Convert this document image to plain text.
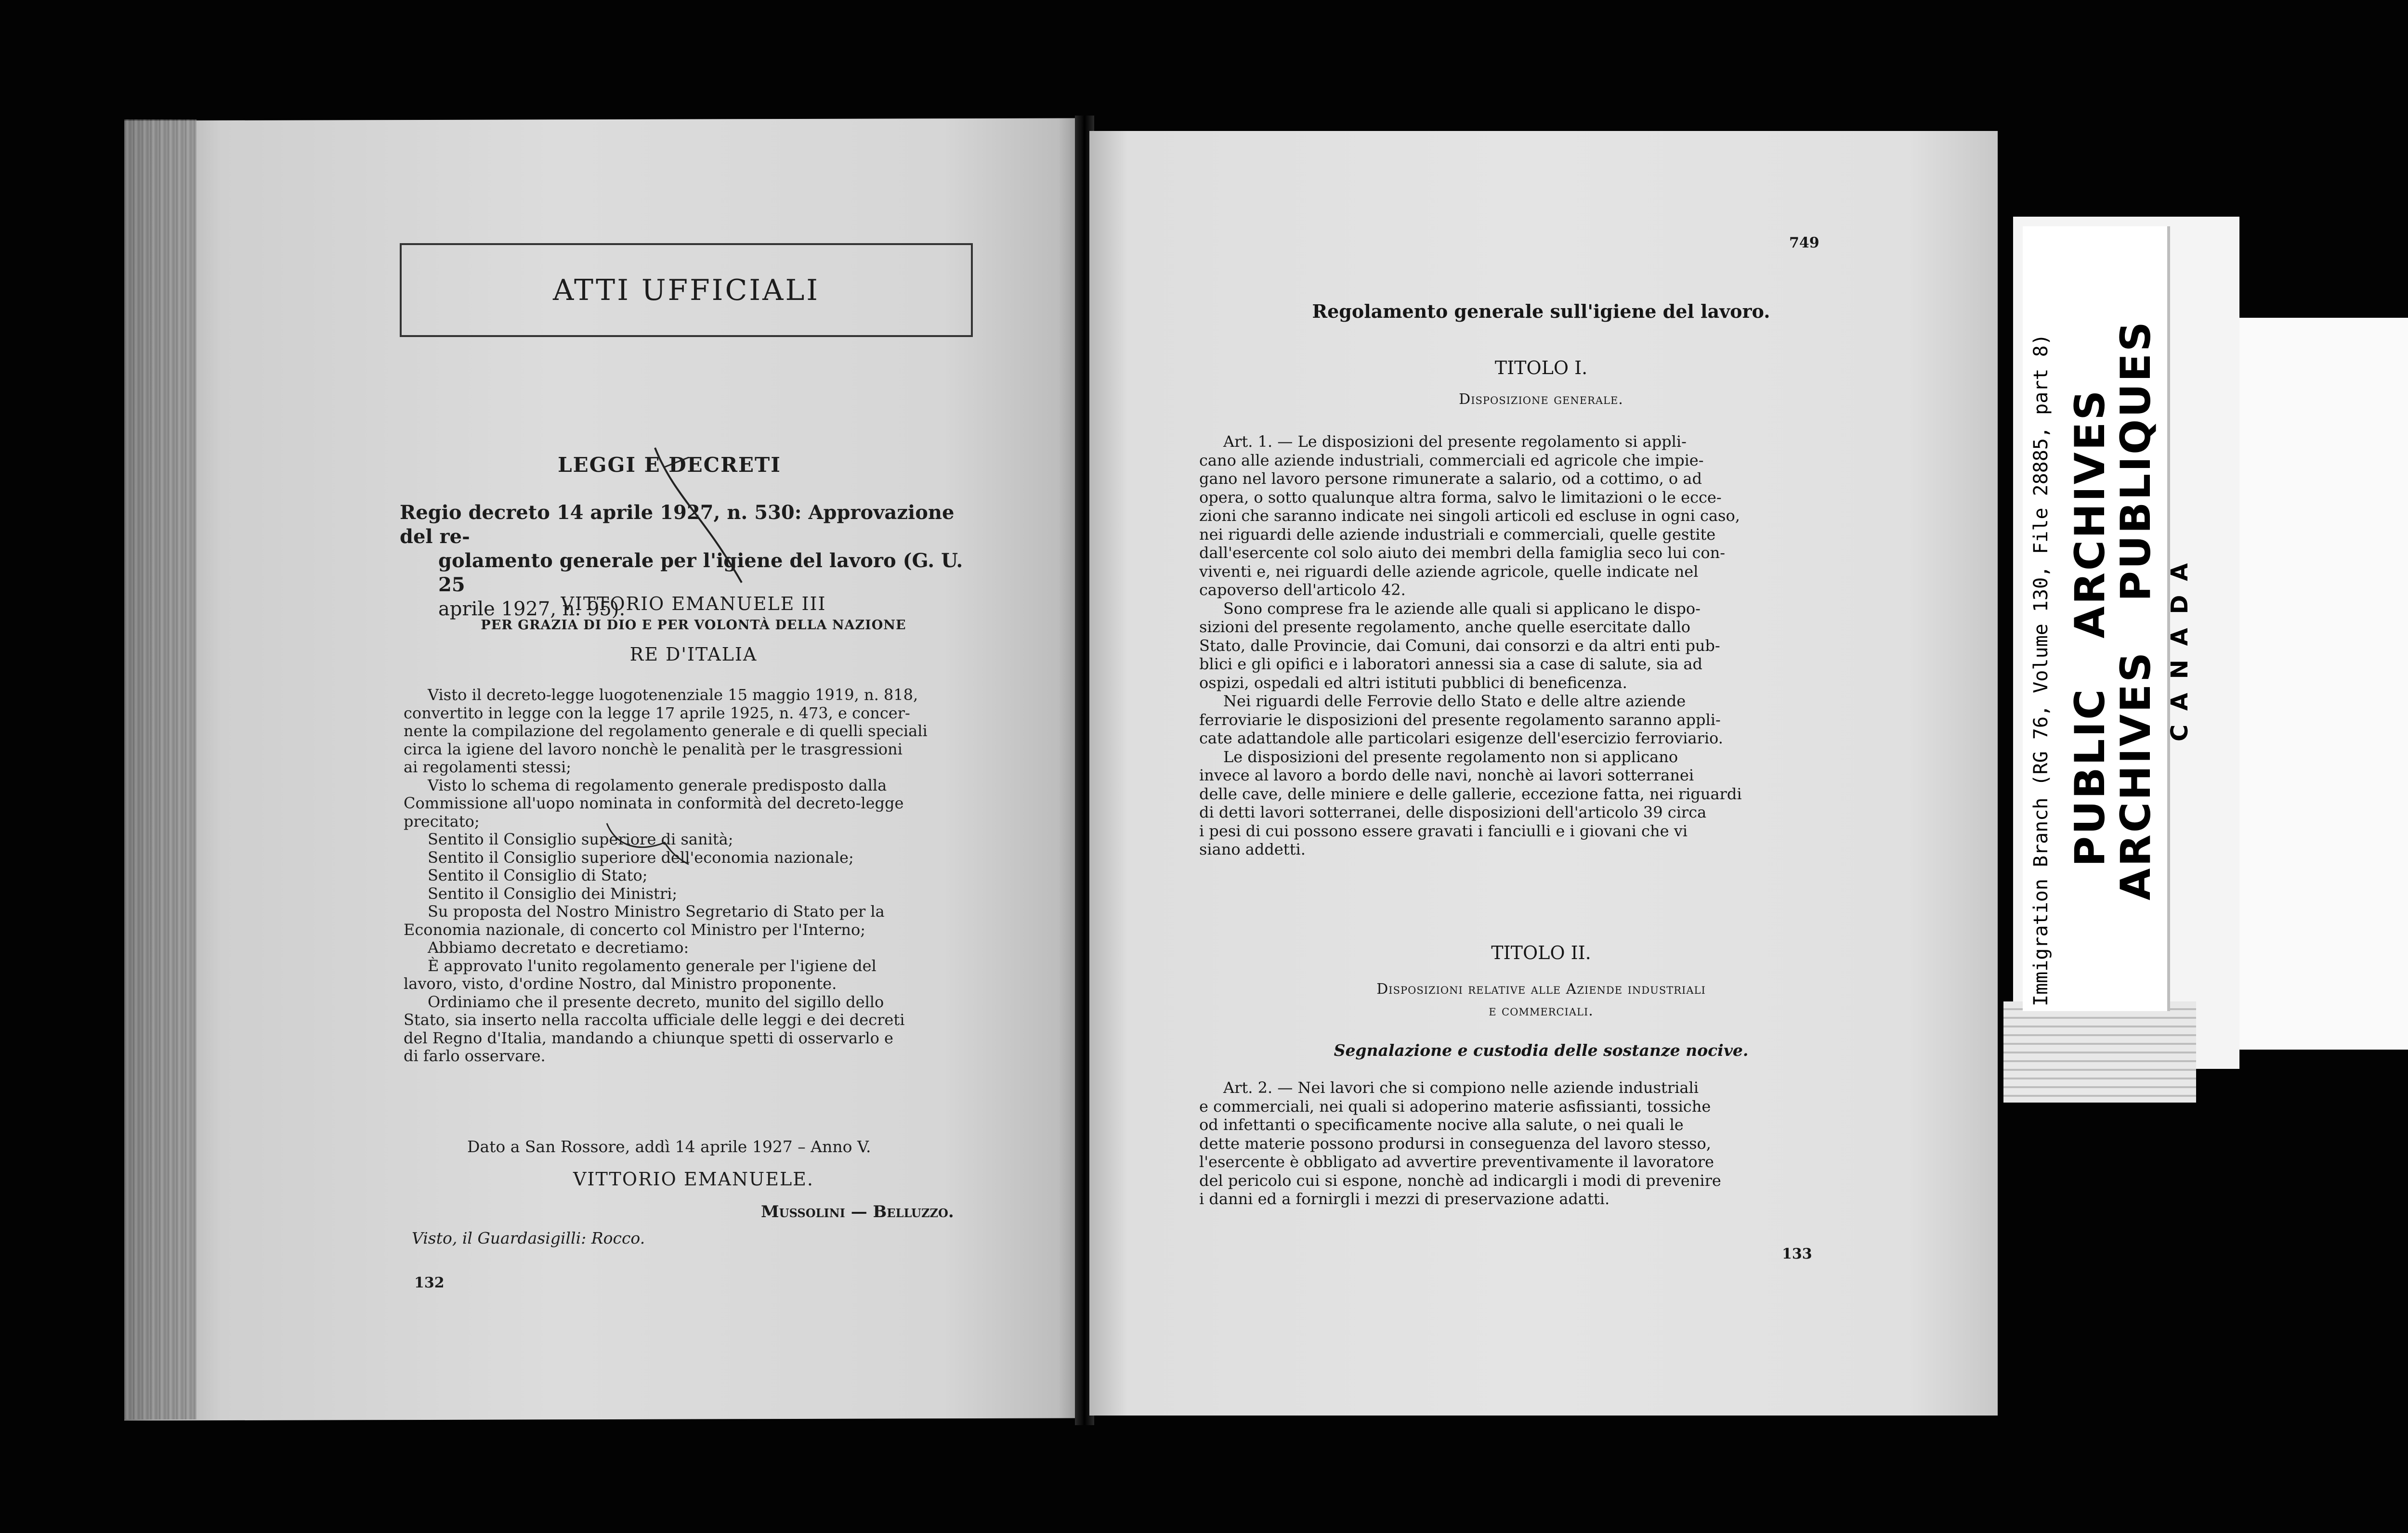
ATTI UFFICIALI
LEGGI E DECRETI
Regio decreto 14 aprile 1927, n. 530: Approvazione del re-
golamento generale per l'igiene del lavoro (G. U. 25
aprile 1927, n. 95).
VITTORIO EMANUELE III
PER GRAZIA DI DIO E PER VOLONTÀ DELLA NAZIONE
RE D'ITALIA
Visto il decreto-legge luogotenenziale 15 maggio 1919, n. 818,
convertito in legge con la legge 17 aprile 1925, n. 473, e concer-
nente la compilazione del regolamento generale e di quelli speciali
circa la igiene del lavoro nonchè le penalità per le trasgressioni
ai regolamenti stessi;
Visto lo schema di regolamento generale predisposto dalla
Commissione all'uopo nominata in conformità del decreto-legge
precitato;
Sentito il Consiglio superiore di sanità;
Sentito il Consiglio superiore dell'economia nazionale;
Sentito il Consiglio di Stato;
Sentito il Consiglio dei Ministri;
Su proposta del Nostro Ministro Segretario di Stato per la
Economia nazionale, di concerto col Ministro per l'Interno;
Abbiamo decretato e decretiamo:
È approvato l'unito regolamento generale per l'igiene del
lavoro, visto, d'ordine Nostro, dal Ministro proponente.
Ordiniamo che il presente decreto, munito del sigillo dello
Stato, sia inserto nella raccolta ufficiale delle leggi e dei decreti
del Regno d'Italia, mandando a chiunque spetti di osservarlo e
di farlo osservare.
Dato a San Rossore, addì 14 aprile 1927 – Anno V.
VITTORIO EMANUELE.
Mussolini — Belluzzo.
Visto, il Guardasigilli: Rocco.
132
749
Regolamento generale sull'igiene del lavoro.
TITOLO I.
Disposizione generale.
Art. 1. — Le disposizioni del presente regolamento si appli-
cano alle aziende industriali, commerciali ed agricole che impie-
gano nel lavoro persone rimunerate a salario, od a cottimo, o ad
opera, o sotto qualunque altra forma, salvo le limitazioni o le ecce-
zioni che saranno indicate nei singoli articoli ed escluse in ogni caso,
nei riguardi delle aziende industriali e commerciali, quelle gestite
dall'esercente col solo aiuto dei membri della famiglia seco lui con-
viventi e, nei riguardi delle aziende agricole, quelle indicate nel
capoverso dell'articolo 42.
Sono comprese fra le aziende alle quali si applicano le dispo-
sizioni del presente regolamento, anche quelle esercitate dallo
Stato, dalle Provincie, dai Comuni, dai consorzi e da altri enti pub-
blici e gli opifici e i laboratori annessi sia a case di salute, sia ad
ospizi, ospedali ed altri istituti pubblici di beneficenza.
Nei riguardi delle Ferrovie dello Stato e delle altre aziende
ferroviarie le disposizioni del presente regolamento saranno appli-
cate adattandole alle particolari esigenze dell'esercizio ferroviario.
Le disposizioni del presente regolamento non si applicano
invece al lavoro a bordo delle navi, nonchè ai lavori sotterranei
delle cave, delle miniere e delle gallerie, eccezione fatta, nei riguardi
di detti lavori sotterranei, delle disposizioni dell'articolo 39 circa
i pesi di cui possono essere gravati i fanciulli e i giovani che vi
siano addetti.
TITOLO II.
Disposizioni relative alle Aziende industriali
e commerciali.
Segnalazione e custodia delle sostanze nocive.
Art. 2. — Nei lavori che si compiono nelle aziende industriali
e commerciali, nei quali si adoperino materie asfissianti, tossiche
od infettanti o specificamente nocive alla salute, o nei quali le
dette materie possono prodursi in conseguenza del lavoro stesso,
l'esercente è obbligato ad avvertire preventivamente il lavoratore
del pericolo cui si espone, nonchè ad indicargli i modi di prevenire
i danni ed a fornirgli i mezzi di preservazione adatti.
133
Immigration Branch (RG 76, Volume 130, File 28885, part 8) PUBLIC   ARCHIVES
ARCHIVES   PUBLIQUES C A N A D A
